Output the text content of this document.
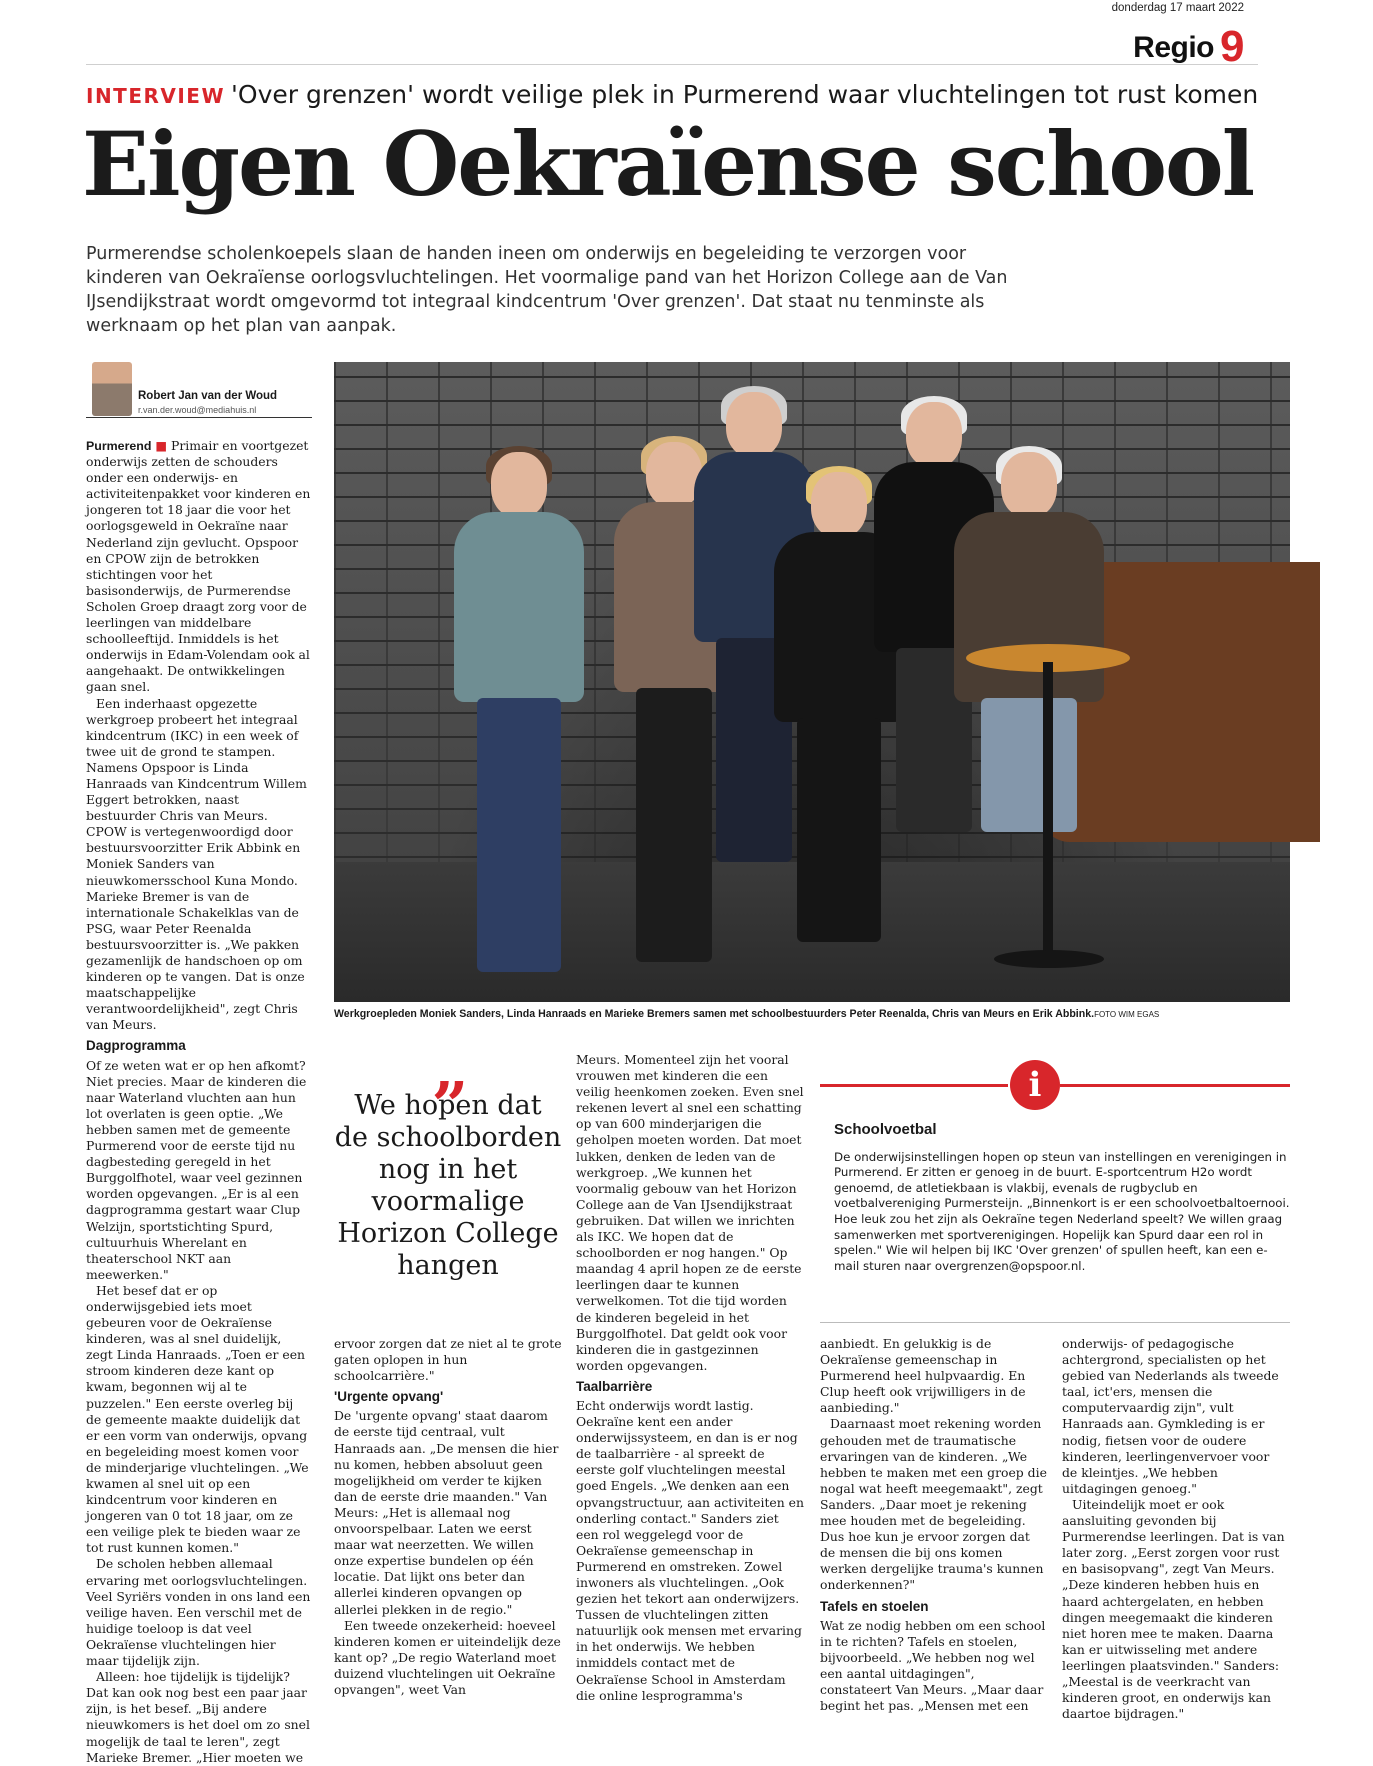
donderdag 17 maart 2022
Regio 9
INTERVIEW 'Over grenzen' wordt veilige plek in Purmerend waar vluchtelingen tot rust komen
Eigen Oekraïense school

Purmerendse scholenkoepels slaan de handen ineen om onderwijs en begeleiding te verzorgen voor kinderen van Oekraïense oorlogsvluchtelingen. Het voormalige pand van het Horizon College aan de Van IJsendijkstraat wordt omgevormd tot integraal kindcentrum 'Over grenzen'. Dat staat nu tenminste als werknaam op het plan van aanpak.

Robert Jan van der Woud
r.van.der.woud@mediahuis.nl

Purmerend ■ Primair en voortgezet onderwijs zetten de schouders onder een onderwijs- en activiteitenpakket voor kinderen en jongeren tot 18 jaar die voor het oorlogsgeweld in Oekraïne naar Nederland zijn gevlucht. Opspoor en CPOW zijn de betrokken stichtingen voor het basisonderwijs, de Purmerendse Scholen Groep draagt zorg voor de leerlingen van middelbare schoolleeftijd. Inmiddels is het onderwijs in Edam-Volendam ook al aangehaakt. De ontwikkelingen gaan snel.

Een inderhaast opgezette werkgroep probeert het integraal kindcentrum (IKC) in een week of twee uit de grond te stampen. Namens Opspoor is Linda Hanraads van Kindcentrum Willem Eggert betrokken, naast bestuurder Chris van Meurs. CPOW is vertegenwoordigd door bestuursvoorzitter Erik Abbink en Moniek Sanders van nieuwkomersschool Kuna Mondo. Marieke Bremer is van de internationale Schakelklas van de PSG, waar Peter Reenalda bestuursvoorzitter is. „We pakken gezamenlijk de handschoen op om kinderen op te vangen. Dat is onze maatschappelijke verantwoordelijkheid", zegt Chris van Meurs.

Dagprogramma

Of ze weten wat er op hen afkomt? Niet precies. Maar de kinderen die naar Waterland vluchten aan hun lot overlaten is geen optie. „We hebben samen met de gemeente Purmerend voor de eerste tijd nu dagbesteding geregeld in het Burggolfhotel, waar veel gezinnen worden opgevangen. „Er is al een dagprogramma gestart waar Clup Welzijn, sportstichting Spurd, cultuurhuis Wherelant en theaterschool NKT aan meewerken."

Het besef dat er op onderwijsgebied iets moet gebeuren voor de Oekraïense kinderen, was al snel duidelijk, zegt Linda Hanraads. „Toen er een stroom kinderen deze kant op kwam, begonnen wij al te puzzelen." Een eerste overleg bij de gemeente maakte duidelijk dat er een vorm van onderwijs, opvang en begeleiding moest komen voor de minderjarige vluchtelingen. „We kwamen al snel uit op een kindcentrum voor kinderen en jongeren van 0 tot 18 jaar, om ze een veilige plek te bieden waar ze tot rust kunnen komen."

De scholen hebben allemaal ervaring met oorlogsvluchtelingen. Veel Syriërs vonden in ons land een veilige haven. Een verschil met de huidige toeloop is dat veel Oekraïense vluchtelingen hier maar tijdelijk zijn.

Alleen: hoe tijdelijk is tijdelijk? Dat kan ook nog best een paar jaar zijn, is het besef. „Bij andere nieuwkomers is het doel om zo snel mogelijk de taal te leren", zegt Marieke Bremer. „Hier moeten we

Werkgroepleden Moniek Sanders, Linda Hanraads en Marieke Bremers samen met schoolbestuurders Peter Reenalda, Chris van Meurs en Erik Abbink.FOTO WIM EGAS
„
We hopen dat de schoolborden nog in het voormalige Horizon College hangen

ervoor zorgen dat ze niet al te grote gaten oplopen in hun schoolcarrière."

'Urgente opvang'

De 'urgente opvang' staat daarom de eerste tijd centraal, vult Hanraads aan. „De mensen die hier nu komen, hebben absoluut geen mogelijkheid om verder te kijken dan de eerste drie maanden." Van Meurs: „Het is allemaal nog onvoorspelbaar. Laten we eerst maar wat neerzetten. We willen onze expertise bundelen op één locatie. Dat lijkt ons beter dan allerlei kinderen opvangen op allerlei plekken in de regio."

Een tweede onzekerheid: hoeveel kinderen komen er uiteindelijk deze kant op? „De regio Waterland moet duizend vluchtelingen uit Oekraïne opvangen", weet Van

Meurs. Momenteel zijn het vooral vrouwen met kinderen die een veilig heenkomen zoeken. Even snel rekenen levert al snel een schatting op van 600 minderjarigen die geholpen moeten worden. Dat moet lukken, denken de leden van de werkgroep. „We kunnen het voormalig gebouw van het Horizon College aan de Van IJsendijkstraat gebruiken. Dat willen we inrichten als IKC. We hopen dat de schoolborden er nog hangen." Op maandag 4 april hopen ze de eerste leerlingen daar te kunnen verwelkomen. Tot die tijd worden de kinderen begeleid in het Burggolfhotel. Dat geldt ook voor kinderen die in gastgezinnen worden opgevangen.

Taalbarrière

Echt onderwijs wordt lastig. Oekraïne kent een ander onderwijssysteem, en dan is er nog de taalbarrière - al spreekt de eerste golf vluchtelingen meestal goed Engels. „We denken aan een opvangstructuur, aan activiteiten en onderling contact." Sanders ziet een rol weggelegd voor de Oekraïense gemeenschap in Purmerend en omstreken. Zowel inwoners als vluchtelingen. „Ook gezien het tekort aan onderwijzers. Tussen de vluchtelingen zitten natuurlijk ook mensen met ervaring in het onderwijs. We hebben inmiddels contact met de Oekraïense School in Amsterdam die online lesprogramma's

i
Schoolvoetbal

De onderwijsinstellingen hopen op steun van instellingen en verenigingen in Purmerend. Er zitten er genoeg in de buurt. E-sportcentrum H2o wordt genoemd, de atletiekbaan is vlakbij, evenals de rugbyclub en voetbalvereniging Purmersteijn. „Binnenkort is er een schoolvoetbaltoernooi. Hoe leuk zou het zijn als Oekraïne tegen Nederland speelt? We willen graag samenwerken met sportverenigingen. Hopelijk kan Spurd daar een rol in spelen." Wie wil helpen bij IKC 'Over grenzen' of spullen heeft, kan een e-mail sturen naar overgrenzen@opspoor.nl.

aanbiedt. En gelukkig is de Oekraïense gemeenschap in Purmerend heel hulpvaardig. En Clup heeft ook vrijwilligers in de aanbieding."

Daarnaast moet rekening worden gehouden met de traumatische ervaringen van de kinderen. „We hebben te maken met een groep die nogal wat heeft meegemaakt", zegt Sanders. „Daar moet je rekening mee houden met de begeleiding. Dus hoe kun je ervoor zorgen dat de mensen die bij ons komen werken dergelijke trauma's kunnen onderkennen?"

Tafels en stoelen

Wat ze nodig hebben om een school in te richten? Tafels en stoelen, bijvoorbeeld. „We hebben nog wel een aantal uitdagingen", constateert Van Meurs. „Maar daar begint het pas. „Mensen met een

onderwijs- of pedagogische achtergrond, specialisten op het gebied van Nederlands als tweede taal, ict'ers, mensen die computervaardig zijn", vult Hanraads aan. Gymkleding is er nodig, fietsen voor de oudere kinderen, leerlingenvervoer voor de kleintjes. „We hebben uitdagingen genoeg."

Uiteindelijk moet er ook aansluiting gevonden bij Purmerendse leerlingen. Dat is van later zorg. „Eerst zorgen voor rust en basisopvang", zegt Van Meurs. „Deze kinderen hebben huis en haard achtergelaten, en hebben dingen meegemaakt die kinderen niet horen mee te maken. Daarna kan er uitwisseling met andere leerlingen plaatsvinden." Sanders: „Meestal is de veerkracht van kinderen groot, en onderwijs kan daartoe bijdragen."
